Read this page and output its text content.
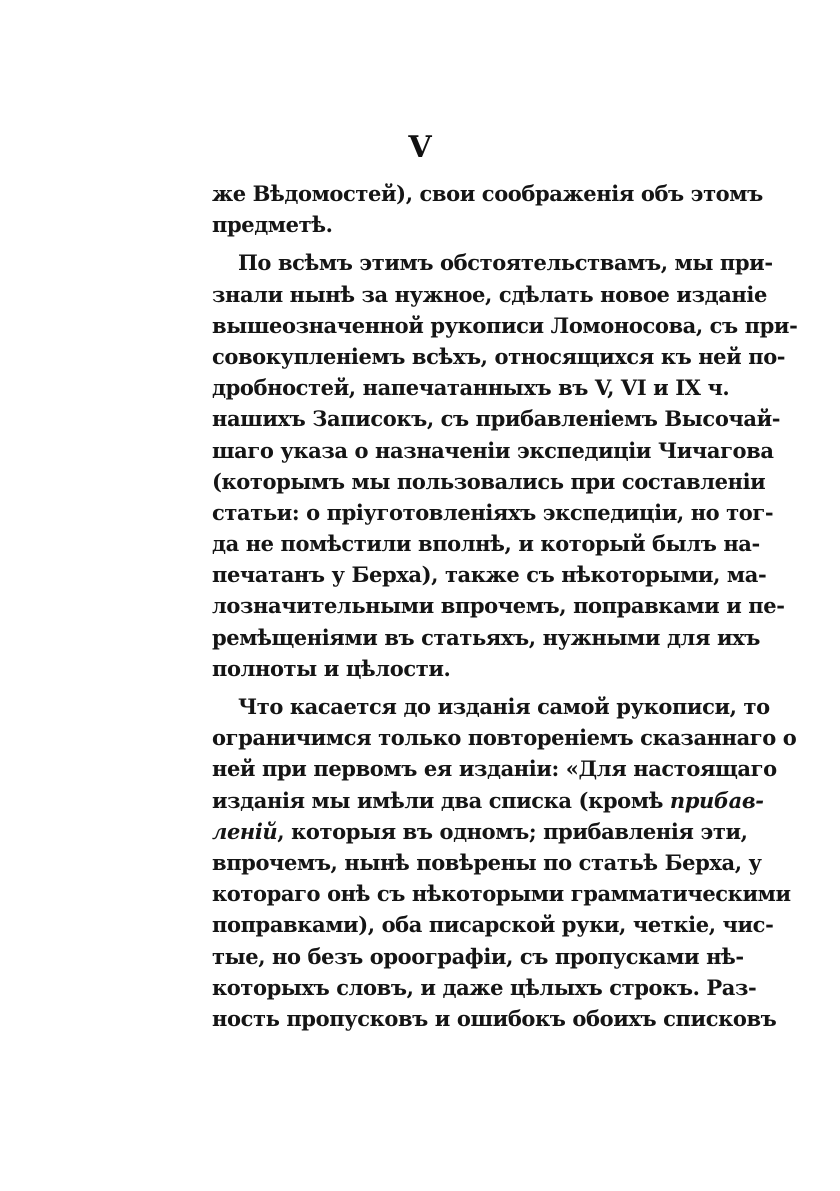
V
же Вѣдомостей), свои соображенія объ этомъ
предметѣ.
По всѣмъ этимъ обстоятельствамъ, мы при-
знали нынѣ за нужное, сдѣлать новое изданіе
вышеозначенной рукописи Ломоносова, съ при-
совокупленіемъ всѣхъ, относящихся къ ней по-
дробностей, напечатанныхъ въ V, VI и IX ч.
нашихъ Записокъ, съ прибавленіемъ Высочай-
шаго указа о назначеніи экспедиціи Чичагова
(которымъ мы пользовались при составленіи
статьи: о пріуготовленіяхъ экспедиціи, но тог-
да не помѣстили вполнѣ, и который былъ на-
печатанъ у Берха), также съ нѣкоторыми, ма-
лозначительными впрочемъ, поправками и пе-
ремѣщеніями въ статьяхъ, нужными для ихъ
полноты и цѣлости.
Что касается до изданія самой рукописи, то
ограничимся только повтореніемъ сказаннаго о
ней при первомъ ея изданіи: «Для настоящаго
изданія мы имѣли два списка (кромѣ прибав-
леній, которыя въ одномъ; прибавленія эти,
впрочемъ, нынѣ повѣрены по статьѣ Берха, у
котораго онѣ съ нѣкоторыми грамматическими
поправками), оба писарской руки, четкіе, чис-
тые, но безъ ороографіи, съ пропусками нѣ-
которыхъ словъ, и даже цѣлыхъ строкъ. Раз-
ность пропусковъ и ошибокъ обоихъ списковъ
